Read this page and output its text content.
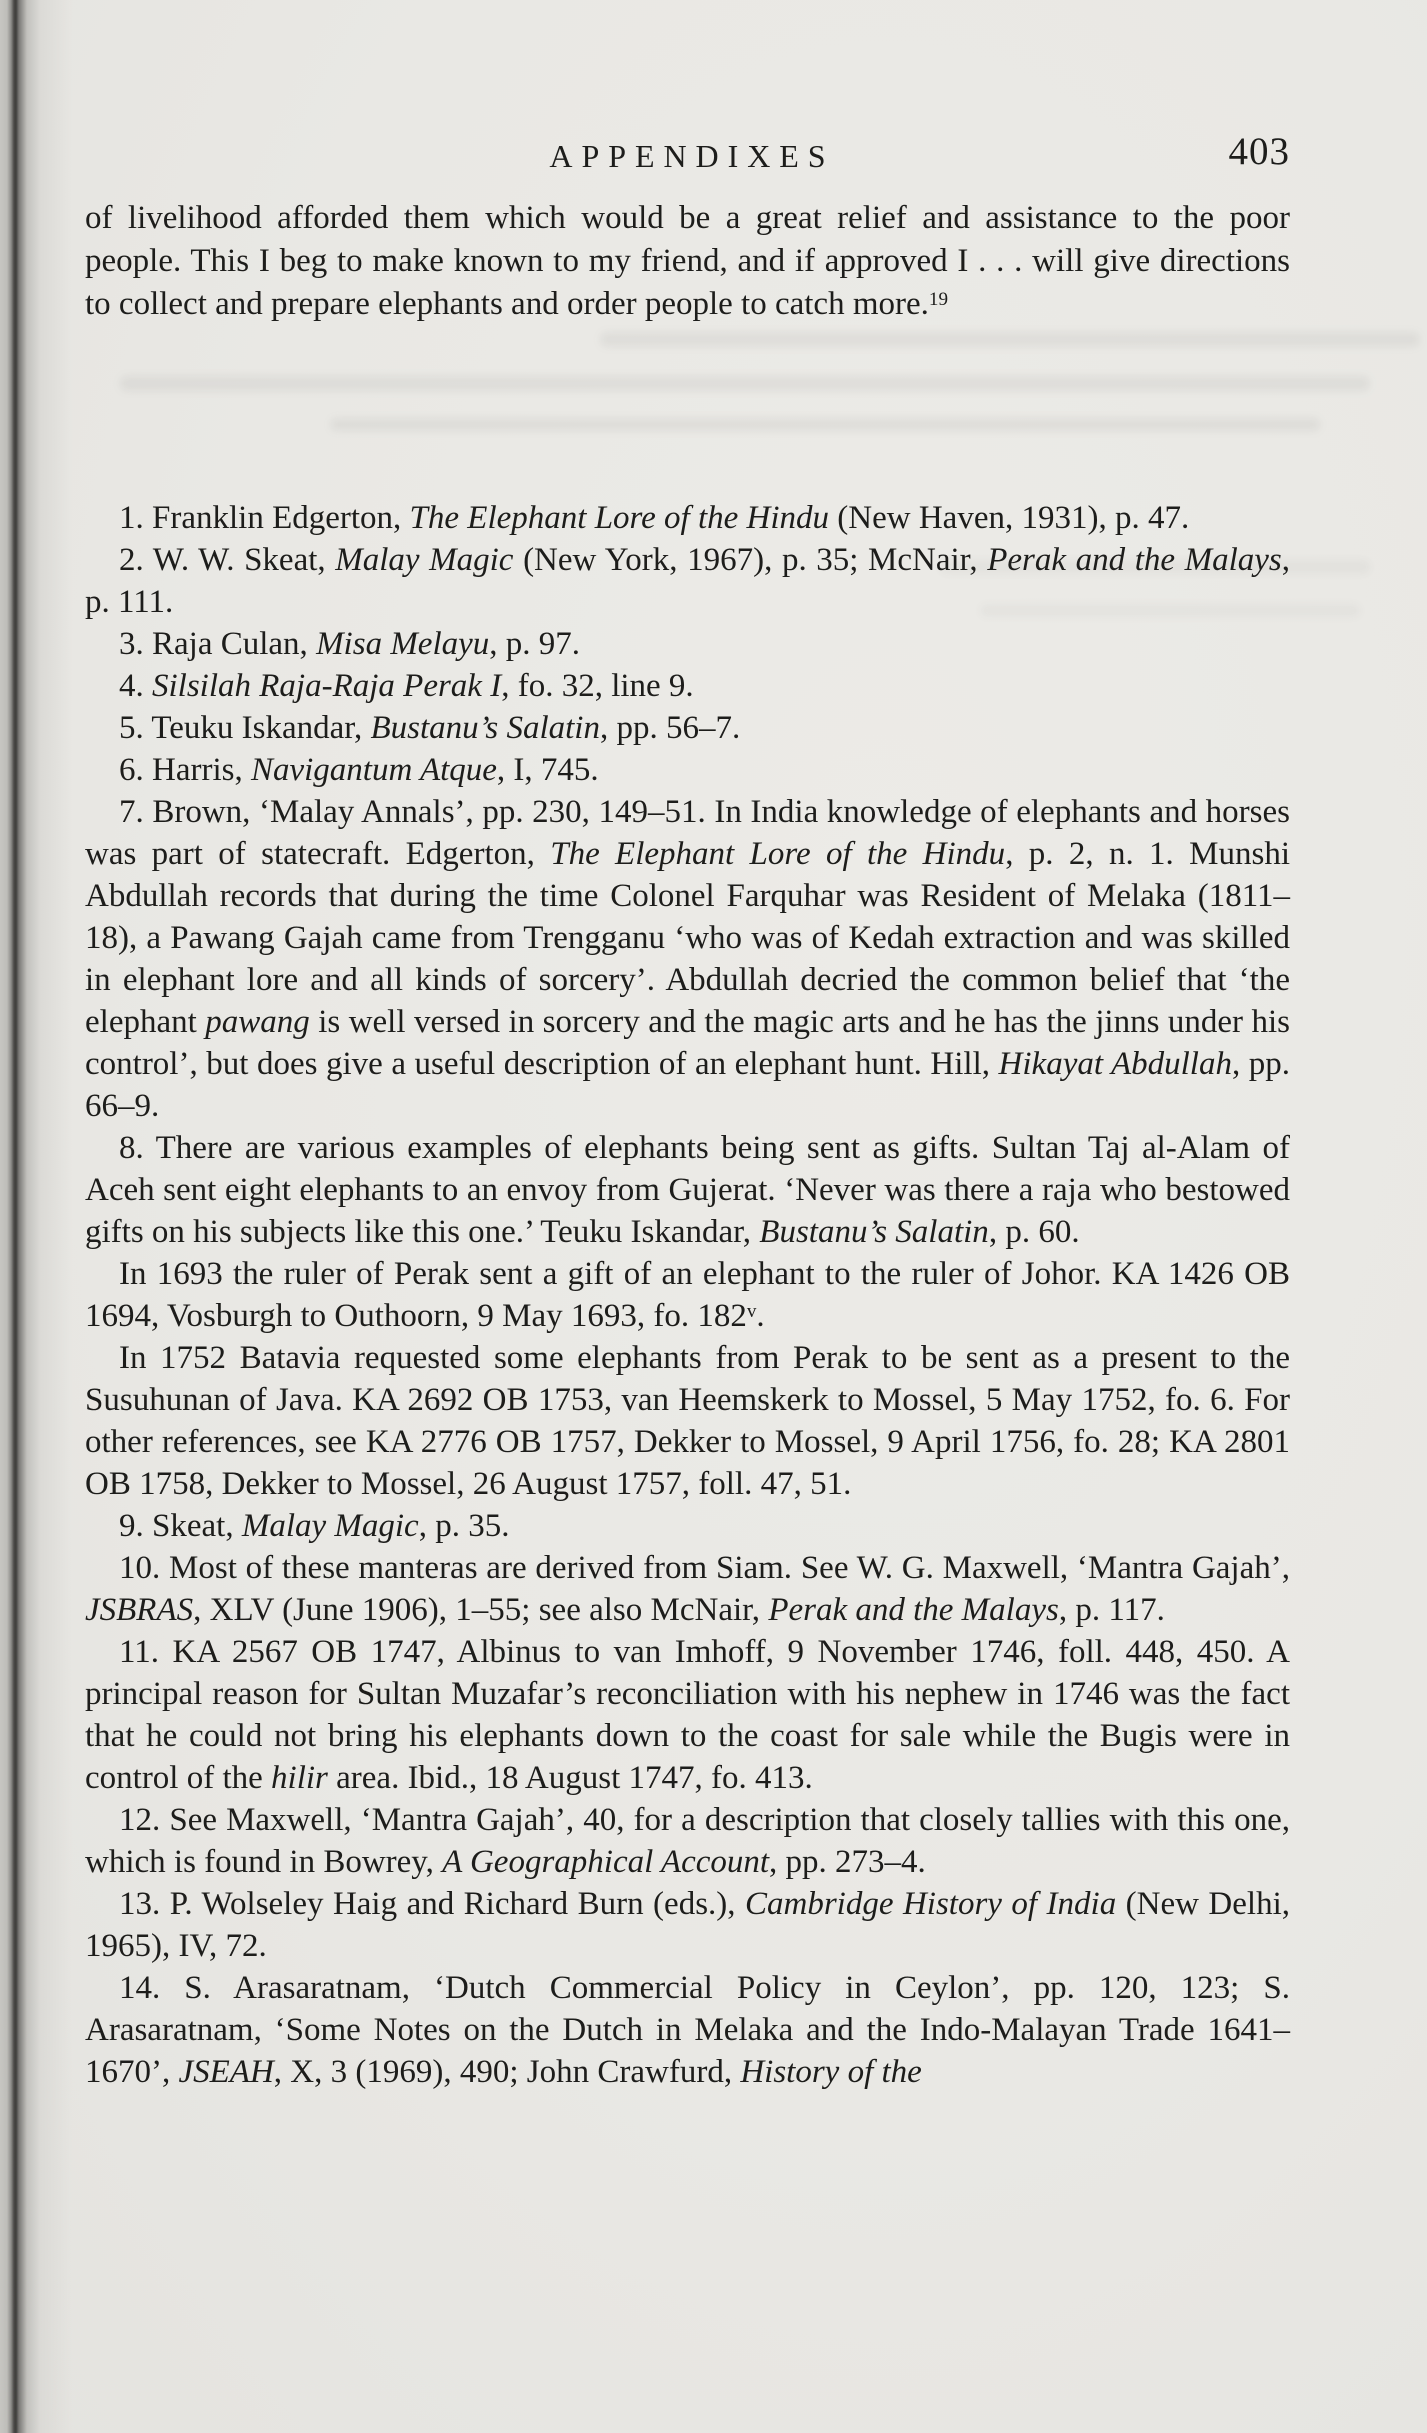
APPENDIXES	403
of livelihood afforded them which would be a great relief and assistance to the poor people. This I beg to make known to my friend, and if approved I . . . will give directions to collect and prepare elephants and order people to catch more.$^{19}$

1. Franklin Edgerton, The Elephant Lore of the Hindu (New Haven, 1931), p. 47.

2. W. W. Skeat, Malay Magic (New York, 1967), p. 35; McNair, Perak and the Malays, p. 111.

3. Raja Culan, Misa Melayu, p. 97.

4. Silsilah Raja-Raja Perak I, fo. 32, line 9.

5. Teuku Iskandar, Bustanu’s Salatin, pp. 56–7.

6. Harris, Navigantum Atque, I, 745.

7. Brown, ‘Malay Annals’, pp. 230, 149–51. In India knowledge of elephants and horses was part of statecraft. Edgerton, The Elephant Lore of the Hindu, p. 2, n. 1. Munshi Abdullah records that during the time Colonel Farquhar was Resident of Melaka (1811–18), a Pawang Gajah came from Trengganu ‘who was of Kedah extraction and was skilled in elephant lore and all kinds of sorcery’. Abdullah decried the common belief that ‘the elephant pawang is well versed in sorcery and the magic arts and he has the jinns under his control’, but does give a useful description of an elephant hunt. Hill, Hikayat Abdullah, pp. 66–9.

8. There are various examples of elephants being sent as gifts. Sultan Taj al-Alam of Aceh sent eight elephants to an envoy from Gujerat. ‘Never was there a raja who bestowed gifts on his subjects like this one.’ Teuku Iskandar, Bustanu’s Salatin, p. 60.

In 1693 the ruler of Perak sent a gift of an elephant to the ruler of Johor. KA 1426 OB 1694, Vosburgh to Outhoorn, 9 May 1693, fo. 182$^v$.

In 1752 Batavia requested some elephants from Perak to be sent as a present to the Susuhunan of Java. KA 2692 OB 1753, van Heemskerk to Mossel, 5 May 1752, fo. 6. For other references, see KA 2776 OB 1757, Dekker to Mossel, 9 April 1756, fo. 28; KA 2801 OB 1758, Dekker to Mossel, 26 August 1757, foll. 47, 51.

9. Skeat, Malay Magic, p. 35.

10. Most of these manteras are derived from Siam. See W. G. Maxwell, ‘Mantra Gajah’, JSBRAS, XLV (June 1906), 1–55; see also McNair, Perak and the Malays, p. 117.

11. KA 2567 OB 1747, Albinus to van Imhoff, 9 November 1746, foll. 448, 450. A principal reason for Sultan Muzafar’s reconciliation with his nephew in 1746 was the fact that he could not bring his elephants down to the coast for sale while the Bugis were in control of the hilir area. Ibid., 18 August 1747, fo. 413.

12. See Maxwell, ‘Mantra Gajah’, 40, for a description that closely tallies with this one, which is found in Bowrey, A Geographical Account, pp. 273–4.

13. P. Wolseley Haig and Richard Burn (eds.), Cambridge History of India (New Delhi, 1965), IV, 72.

14. S. Arasaratnam, ‘Dutch Commercial Policy in Ceylon’, pp. 120, 123; S. Arasaratnam, ‘Some Notes on the Dutch in Melaka and the Indo-Malayan Trade 1641–1670’, JSEAH, X, 3 (1969), 490; John Crawfurd, History of the
